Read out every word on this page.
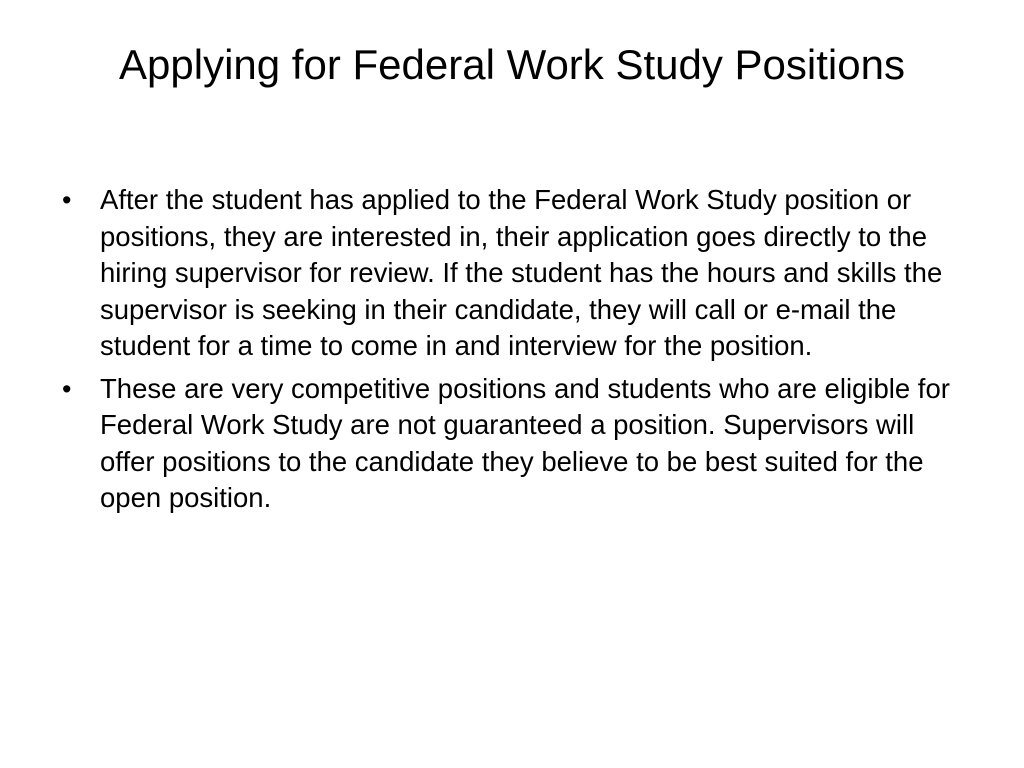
Applying for Federal Work Study Positions
•	After the student has applied to the Federal Work Study position or positions, they are interested in, their application goes directly to the hiring supervisor for review. If the student has the hours and skills the supervisor is seeking in their candidate, they will call or e-mail the student for a time to come in and interview for the position.
•	These are very competitive positions and students who are eligible for Federal Work Study are not guaranteed a position. Supervisors will offer positions to the candidate they believe to be best suited for the open position.
